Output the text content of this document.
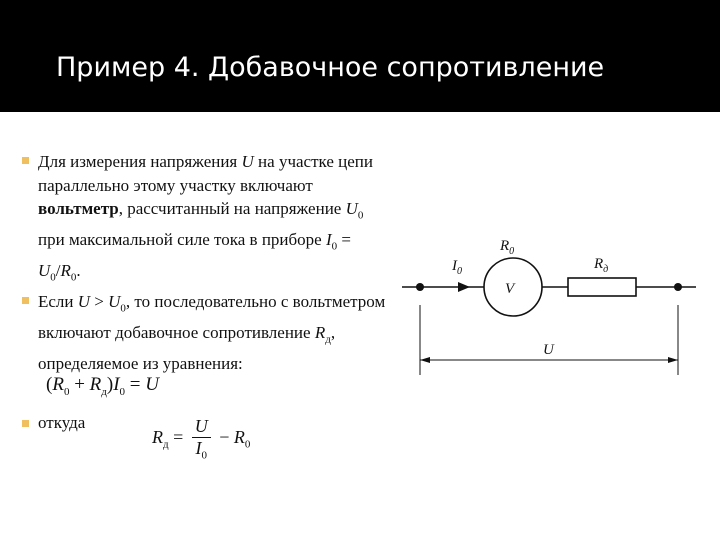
Пример 4. Добавочное сопротивление
Для измерения напряжения U на участке цепи параллельно этому участку включают вольтметр, рассчитанный на напряжение $U_0$ при максимальной силе тока в приборе $I_0 = U_0/R_0$.
Если $U > U_0$, то последовательно с вольтметром включают добавочное сопротивление $R_д$, определяемое из уравнения:
$(R_0 + R_д)I_0 = U$
откуда
$R_д = \frac{U}{I_0} - R_0$
$I_0$
$R_0$
V
$R_д$
U
